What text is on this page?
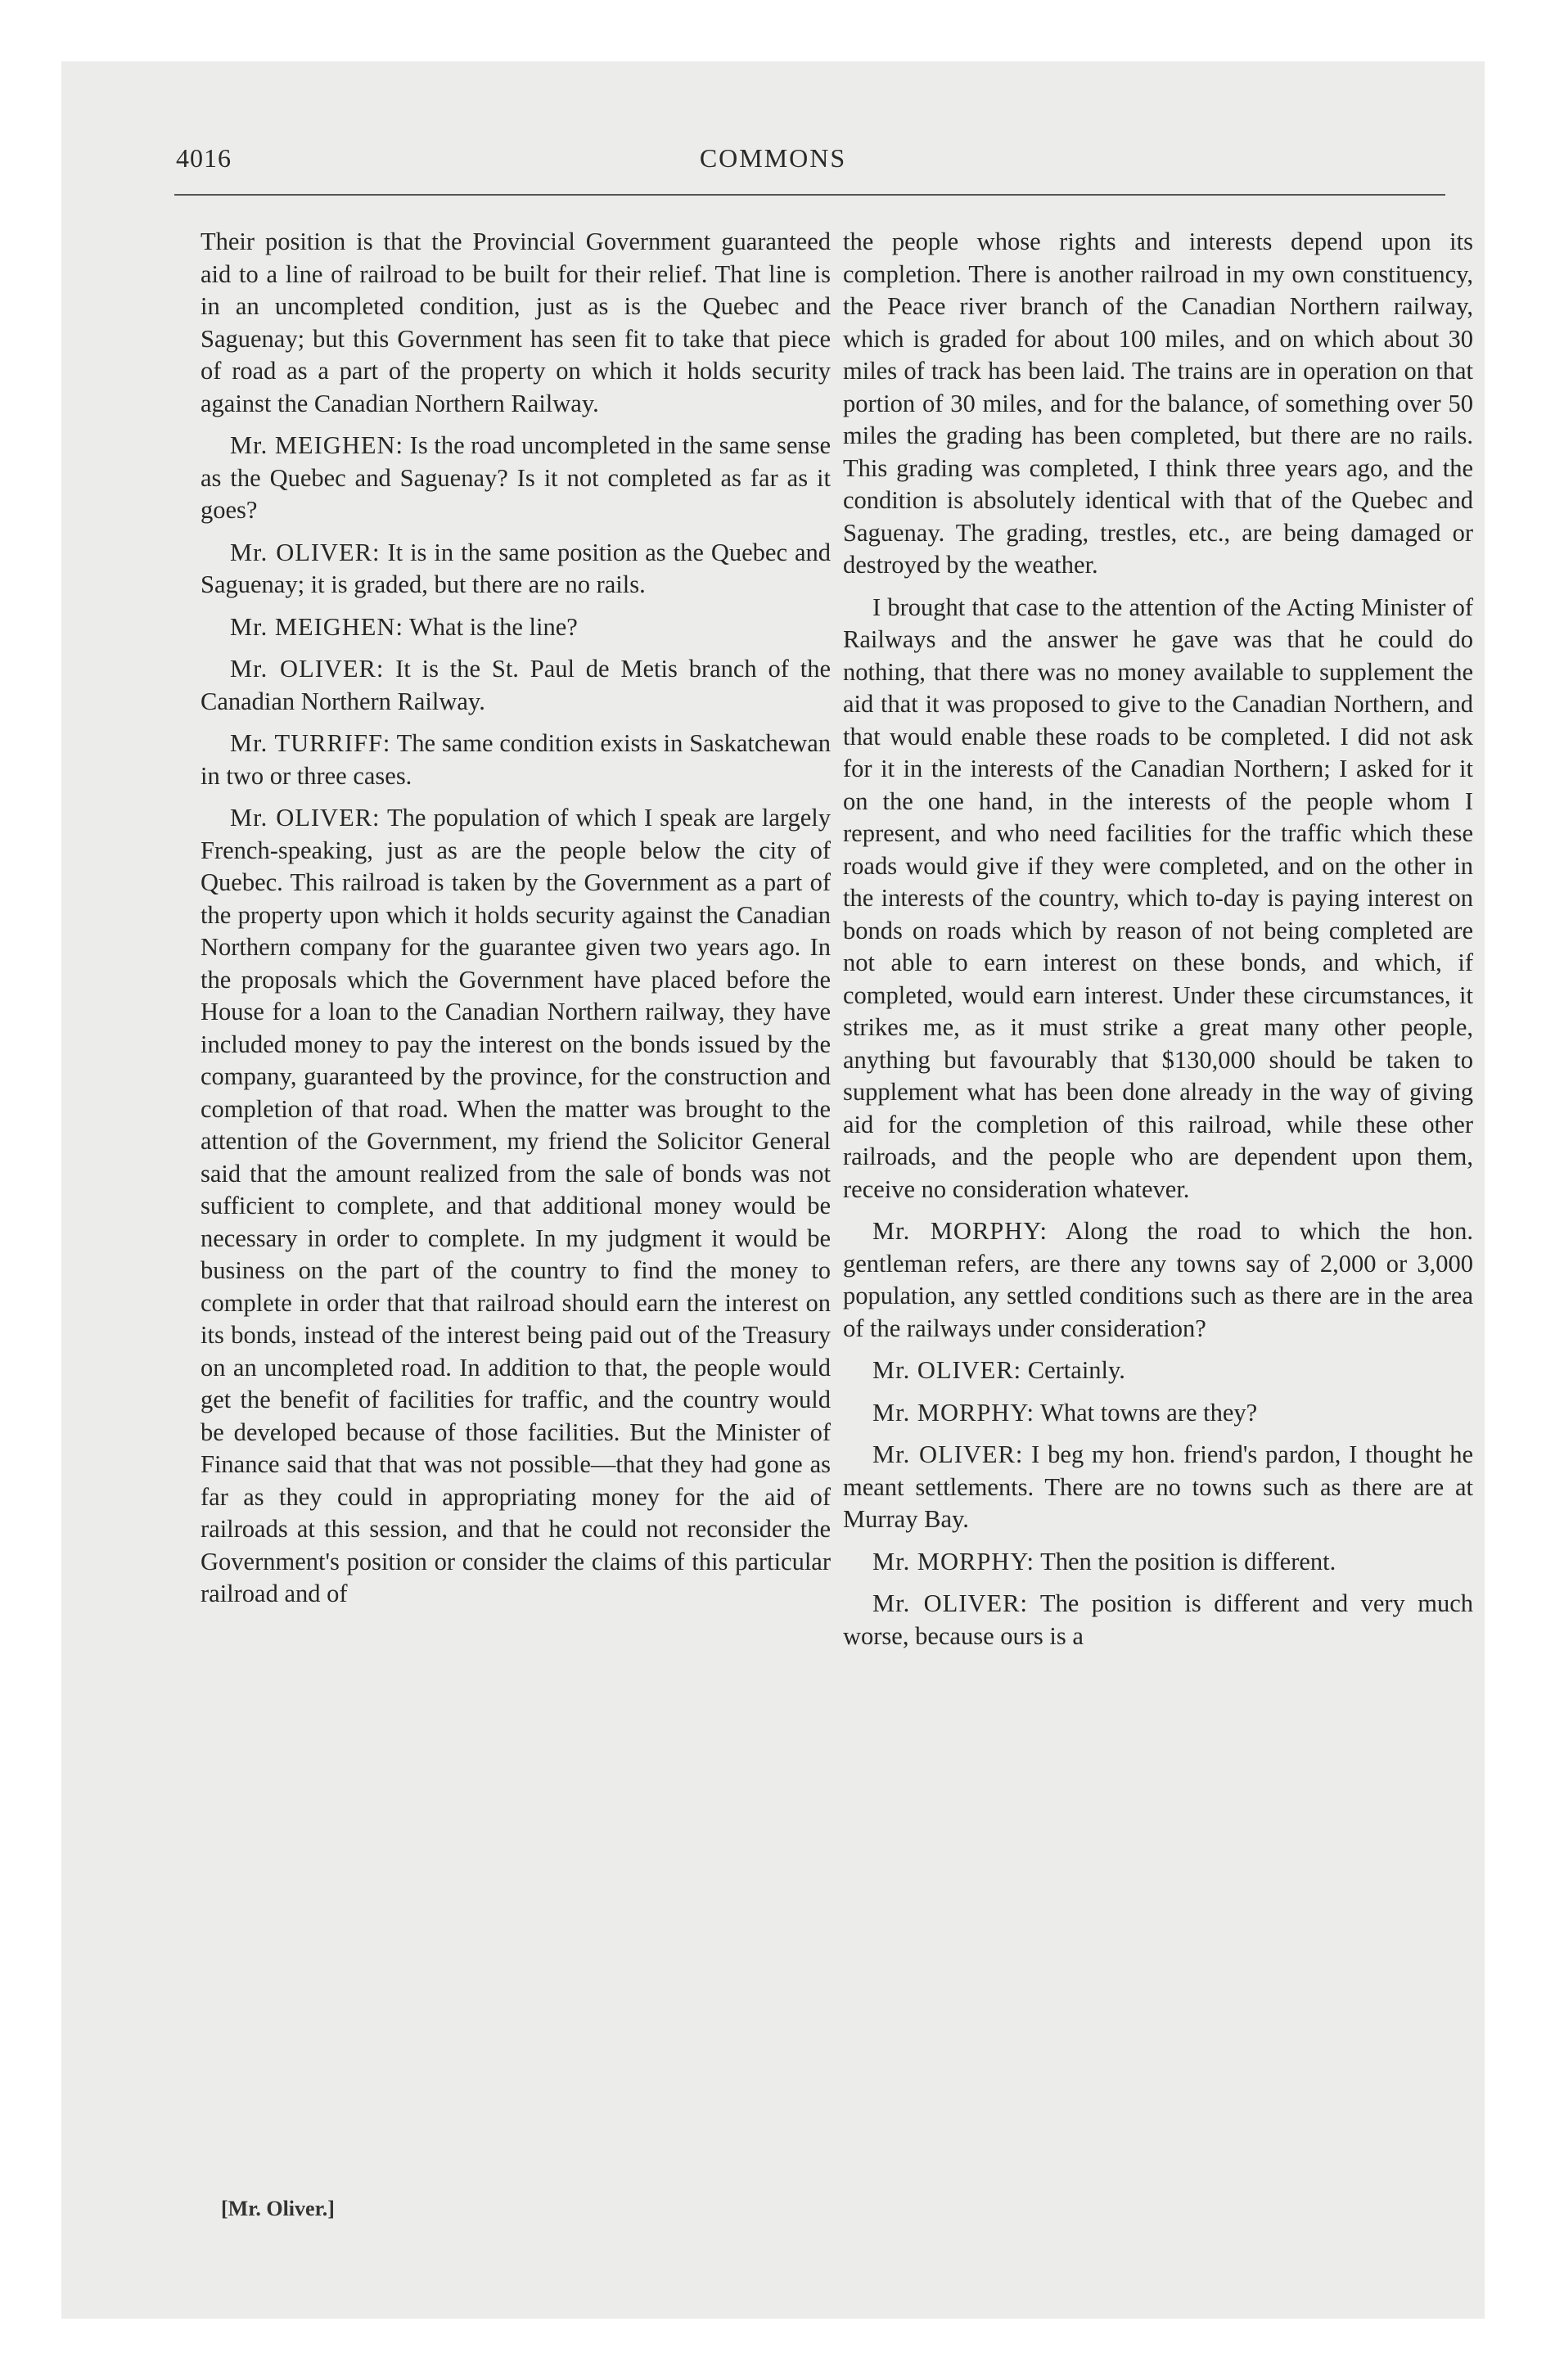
4016	COMMONS

Their position is that the Provincial Government guaranteed aid to a line of railroad to be built for their relief. That line is in an uncompleted condition, just as is the Quebec and Saguenay; but this Government has seen fit to take that piece of road as a part of the property on which it holds security against the Canadian Northern Railway.

Mr. MEIGHEN: Is the road uncompleted in the same sense as the Quebec and Saguenay? Is it not completed as far as it goes?

Mr. OLIVER: It is in the same position as the Quebec and Saguenay; it is graded, but there are no rails.

Mr. MEIGHEN: What is the line?

Mr. OLIVER: It is the St. Paul de Metis branch of the Canadian Northern Railway.

Mr. TURRIFF: The same condition exists in Saskatchewan in two or three cases.

Mr. OLIVER: The population of which I speak are largely French-speaking, just as are the people below the city of Quebec. This railroad is taken by the Government as a part of the property upon which it holds security against the Canadian Northern company for the guarantee given two years ago. In the proposals which the Government have placed before the House for a loan to the Canadian Northern railway, they have included money to pay the interest on the bonds issued by the company, guaranteed by the province, for the construction and completion of that road. When the matter was brought to the attention of the Government, my friend the Solicitor General said that the amount realized from the sale of bonds was not sufficient to complete, and that additional money would be necessary in order to complete. In my judgment it would be business on the part of the country to find the money to complete in order that that railroad should earn the interest on its bonds, instead of the interest being paid out of the Treasury on an uncompleted road. In addition to that, the people would get the benefit of facilities for traffic, and the country would be developed because of those facilities. But the Minister of Finance said that that was not possible—that they had gone as far as they could in appropriating money for the aid of railroads at this session, and that he could not reconsider the Government's position or consider the claims of this particular railroad and of

the people whose rights and interests depend upon its completion. There is another railroad in my own constituency, the Peace river branch of the Canadian Northern railway, which is graded for about 100 miles, and on which about 30 miles of track has been laid. The trains are in operation on that portion of 30 miles, and for the balance, of something over 50 miles the grading has been completed, but there are no rails. This grading was completed, I think three years ago, and the condition is absolutely identical with that of the Quebec and Saguenay. The grading, trestles, etc., are being damaged or destroyed by the weather.

I brought that case to the attention of the Acting Minister of Railways and the answer he gave was that he could do nothing, that there was no money available to supplement the aid that it was proposed to give to the Canadian Northern, and that would enable these roads to be completed. I did not ask for it in the interests of the Canadian Northern; I asked for it on the one hand, in the interests of the people whom I represent, and who need facilities for the traffic which these roads would give if they were completed, and on the other in the interests of the country, which to-day is paying interest on bonds on roads which by reason of not being completed are not able to earn interest on these bonds, and which, if completed, would earn interest. Under these circumstances, it strikes me, as it must strike a great many other people, anything but favourably that $130,000 should be taken to supplement what has been done already in the way of giving aid for the completion of this railroad, while these other railroads, and the people who are dependent upon them, receive no consideration whatever.

Mr. MORPHY: Along the road to which the hon. gentleman refers, are there any towns say of 2,000 or 3,000 population, any settled conditions such as there are in the area of the railways under consideration?

Mr. OLIVER: Certainly.

Mr. MORPHY: What towns are they?

Mr. OLIVER: I beg my hon. friend's pardon, I thought he meant settlements. There are no towns such as there are at Murray Bay.

Mr. MORPHY: Then the position is different.

Mr. OLIVER: The position is different and very much worse, because ours is a

[Mr. Oliver.]
